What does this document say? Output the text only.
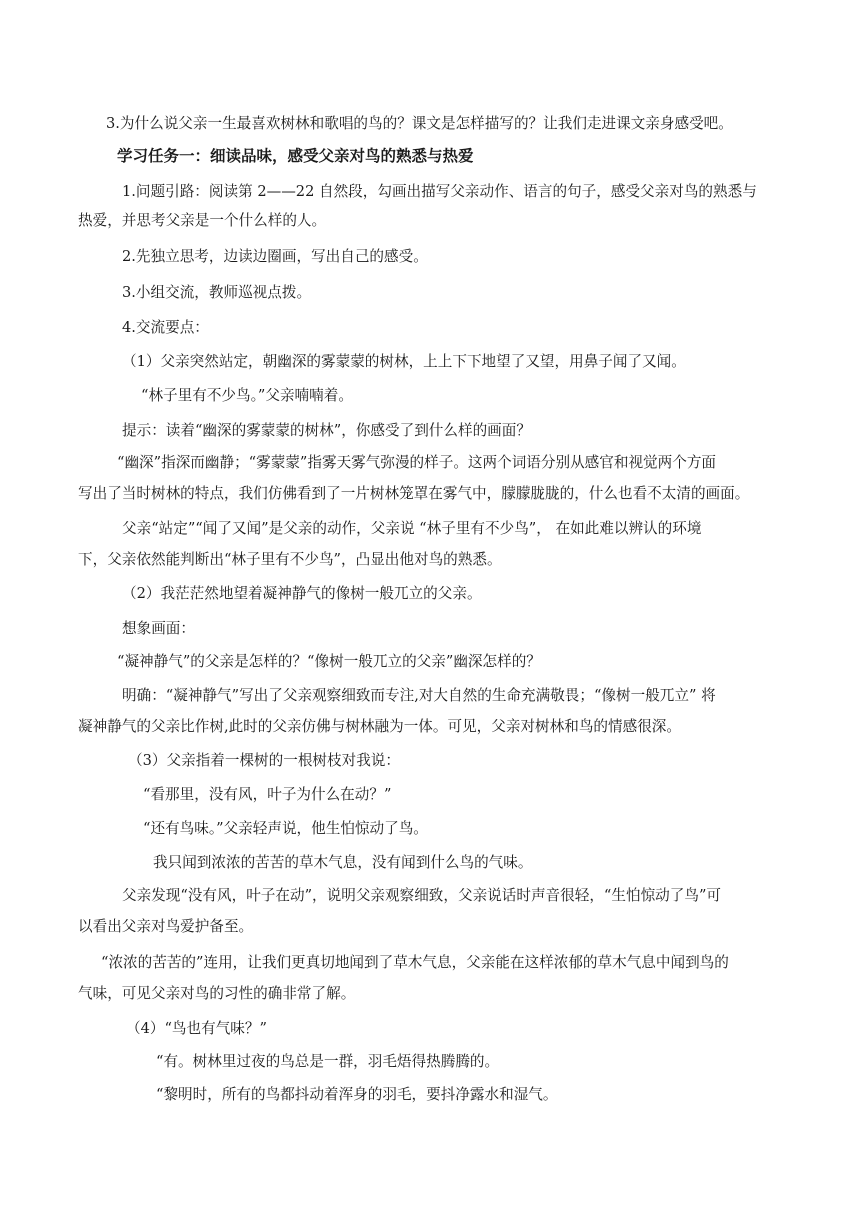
3.为什么说父亲一生最喜欢树林和歌唱的鸟的？课文是怎样描写的？让我们走进课文亲身感受吧。
学习任务一：细读品味，感受父亲对鸟的熟悉与热爱
1.问题引路：阅读第 2——22 自然段，勾画出描写父亲动作、语言的句子，感受父亲对鸟的熟悉与
热爱，并思考父亲是一个什么样的人。
2.先独立思考，边读边圈画，写出自己的感受。
3.小组交流，教师巡视点拨。
4.交流要点：
（1）父亲突然站定，朝幽深的雾蒙蒙的树林，上上下下地望了又望，用鼻子闻了又闻。
“林子里有不少鸟。”父亲喃喃着。
提示：读着“幽深的雾蒙蒙的树林”，你感受了到什么样的画面？
“幽深”指深而幽静；“雾蒙蒙”指雾天雾气弥漫的样子。这两个词语分别从感官和视觉两个方面
写出了当时树林的特点，我们仿佛看到了一片树林笼罩在雾气中，朦朦胧胧的，什么也看不太清的画面。
父亲“站定”“闻了又闻”是父亲的动作，父亲说 “林子里有不少鸟”， 在如此难以辨认的环境
下，父亲依然能判断出“林子里有不少鸟”，凸显出他对鸟的熟悉。
（2）我茫茫然地望着凝神静气的像树一般兀立的父亲。
想象画面：
“凝神静气”的父亲是怎样的？“像树一般兀立的父亲”幽深怎样的？
明确：“凝神静气”写出了父亲观察细致而专注,对大自然的生命充满敬畏；“像树一般兀立” 将
凝神静气的父亲比作树,此时的父亲仿佛与树林融为一体。可见，父亲对树林和鸟的情感很深。
（3）父亲指着一棵树的一根树枝对我说：
“看那里，没有风，叶子为什么在动？”
“还有鸟味。”父亲轻声说，他生怕惊动了鸟。
我只闻到浓浓的苦苦的草木气息，没有闻到什么鸟的气味。
父亲发现“没有风，叶子在动”，说明父亲观察细致，父亲说话时声音很轻，“生怕惊动了鸟”可
以看出父亲对鸟爱护备至。
“浓浓的苦苦的”连用，让我们更真切地闻到了草木气息，父亲能在这样浓郁的草木气息中闻到鸟的
气味，可见父亲对鸟的习性的确非常了解。
（4）“鸟也有气味？”
“有。树林里过夜的鸟总是一群，羽毛焐得热腾腾的。
“黎明时，所有的鸟都抖动着浑身的羽毛，要抖净露水和湿气。
